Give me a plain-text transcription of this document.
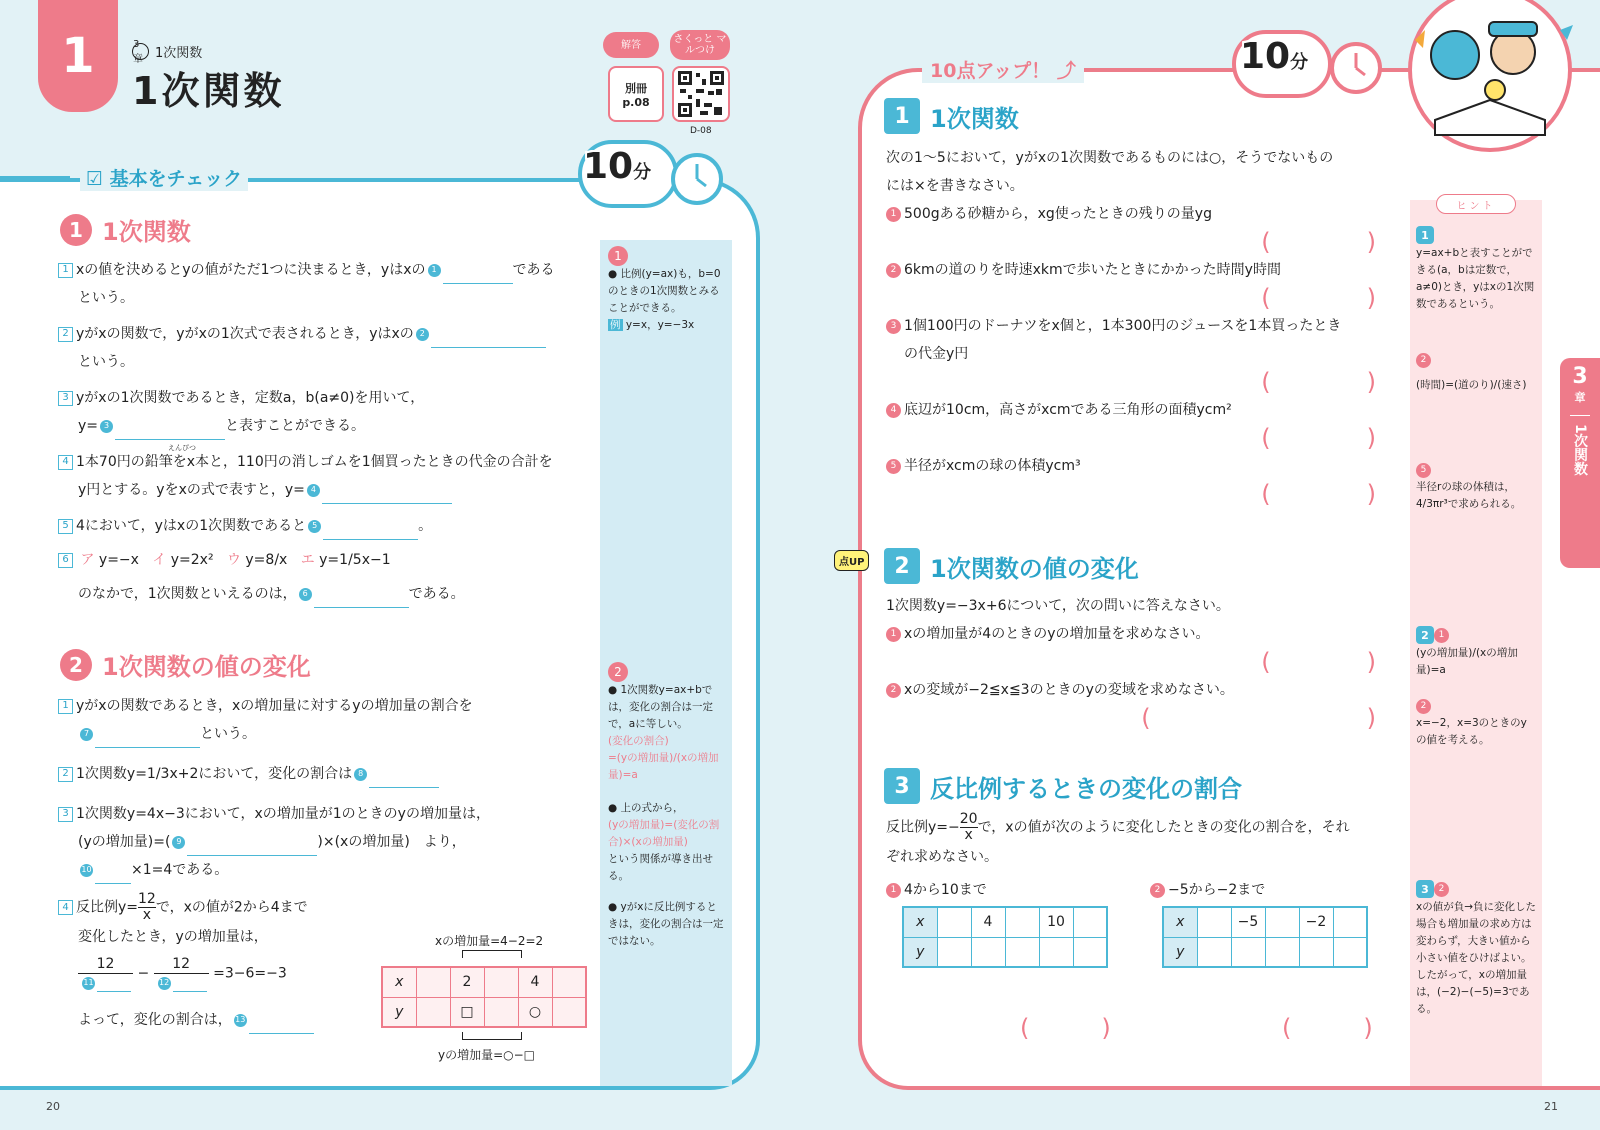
1	3章 1次関数
1次関数
解答
別冊 p.08
さくっと マルつけ
D-08
10分
☑ 基本をチェック
1 1次関数
1 xの値を決めるとyの値がただ1つに決まるとき，yはxの 1	である
という。
2 yがxの関数で，yがxの1次式で表されるとき，yはxの 2
という。
3 yがxの1次関数であるとき，定数a，b(a≠0)を用いて，
y= 3	と表すことができる。
えんぴつ
4 1本70円の鉛筆をx本と，110円の消しゴムを1個買ったときの代金の合計を
y円とする。yをxの式で表すと，y= 4
5 4において，yはxの1次関数であると 5	。
6 ア y=−x イ y=2x² ウ y=8/x エ y=1/5x−1
のなかで，1次関数といえるのは， 6	である。
2 1次関数の値の変化
1 yがxの関数であるとき，xの増加量に対するyの増加量の割合を
7	という。
2 1次関数y=1/3x+2において，変化の割合は 8
3 1次関数y=4x−3において，xの増加量が1のときのyの増加量は，
(yの増加量)=( 9	)×(xの増加量)　より，
10	×1=4である。
4 反比例$y= \frac{12}{x}$ で，xの値が2から4まで
変化したとき，yの増加量は，
$\frac{12}{11} - \frac{12}{12} =3-6=-3$
よって，変化の割合は， 13
xの増加量=4−2=2
x		2		4	
y		□		○	
yの増加量=○−□
1
● 比例(y=ax)も，b=0のときの1次関数とみることができる。
例 y=x，y=−3x
2
● 1次関数y=ax+bでは，変化の割合は一定で，aに等しい。
(変化の割合)
=(yの増加量)/(xの増加量)=a
● 上の式から，
(yの増加量)=(変化の割合)×(xの増加量)
という関係が導き出せる。
● yがxに反比例するときは，変化の割合は一定ではない。
20
10点アップ！ ⤴	10分
1 1次関数
次の1〜5において，yがxの1次関数であるものには○，そうでないもの
には×を書きなさい。
1 500gある砂糖から，xg使ったときの残りの量yg
(　　　　)
2 6kmの道のりを時速xkmで歩いたときにかかった時間y時間
(　　　　)
3 1個100円のドーナツをx個と，1本300円のジュースを1本買ったとき
の代金y円
(　　　　)
4 底辺が10cm，高さがxcmである三角形の面積ycm²
(　　　　)
5 半径がxcmの球の体積ycm³
(　　　　)
点UP	2 1次関数の値の変化
1次関数y=−3x+6について，次の問いに答えなさい。
1 xの増加量が4のときのyの増加量を求めなさい。
(　　　　)
2 xの変域が−2≦x≦3のときのyの変域を求めなさい。
(　　　　　　　　　)
3 反比例するときの変化の割合
反比例$y=- \frac{20}{x}$ で，xの値が次のように変化したときの変化の割合を，それ
ぞれ求めなさい。
1 4から10まで	2 −5から−2まで
x		4		10	
y					
x		−5		−2	
y					
(　　　)	(　　　)
ヒント
1
y=ax+bと表すことができる(a，bは定数で，a≠0)とき，yはxの1次関数であるという。
2
(時間)=(道のり)/(速さ)
5
半径rの球の体積は，
4/3πr³で求められる。
2 1
(yの増加量)/(xの増加量)=a
2
x=−2，x=3のときのyの値を考える。
3 2
xの値が負→負に変化した場合も増加量の求め方は変わらず，大きい値から小さい値をひけばよい。したがって，xの増加量は，(−2)−(−5)=3である。
3
章
1次関数
21
